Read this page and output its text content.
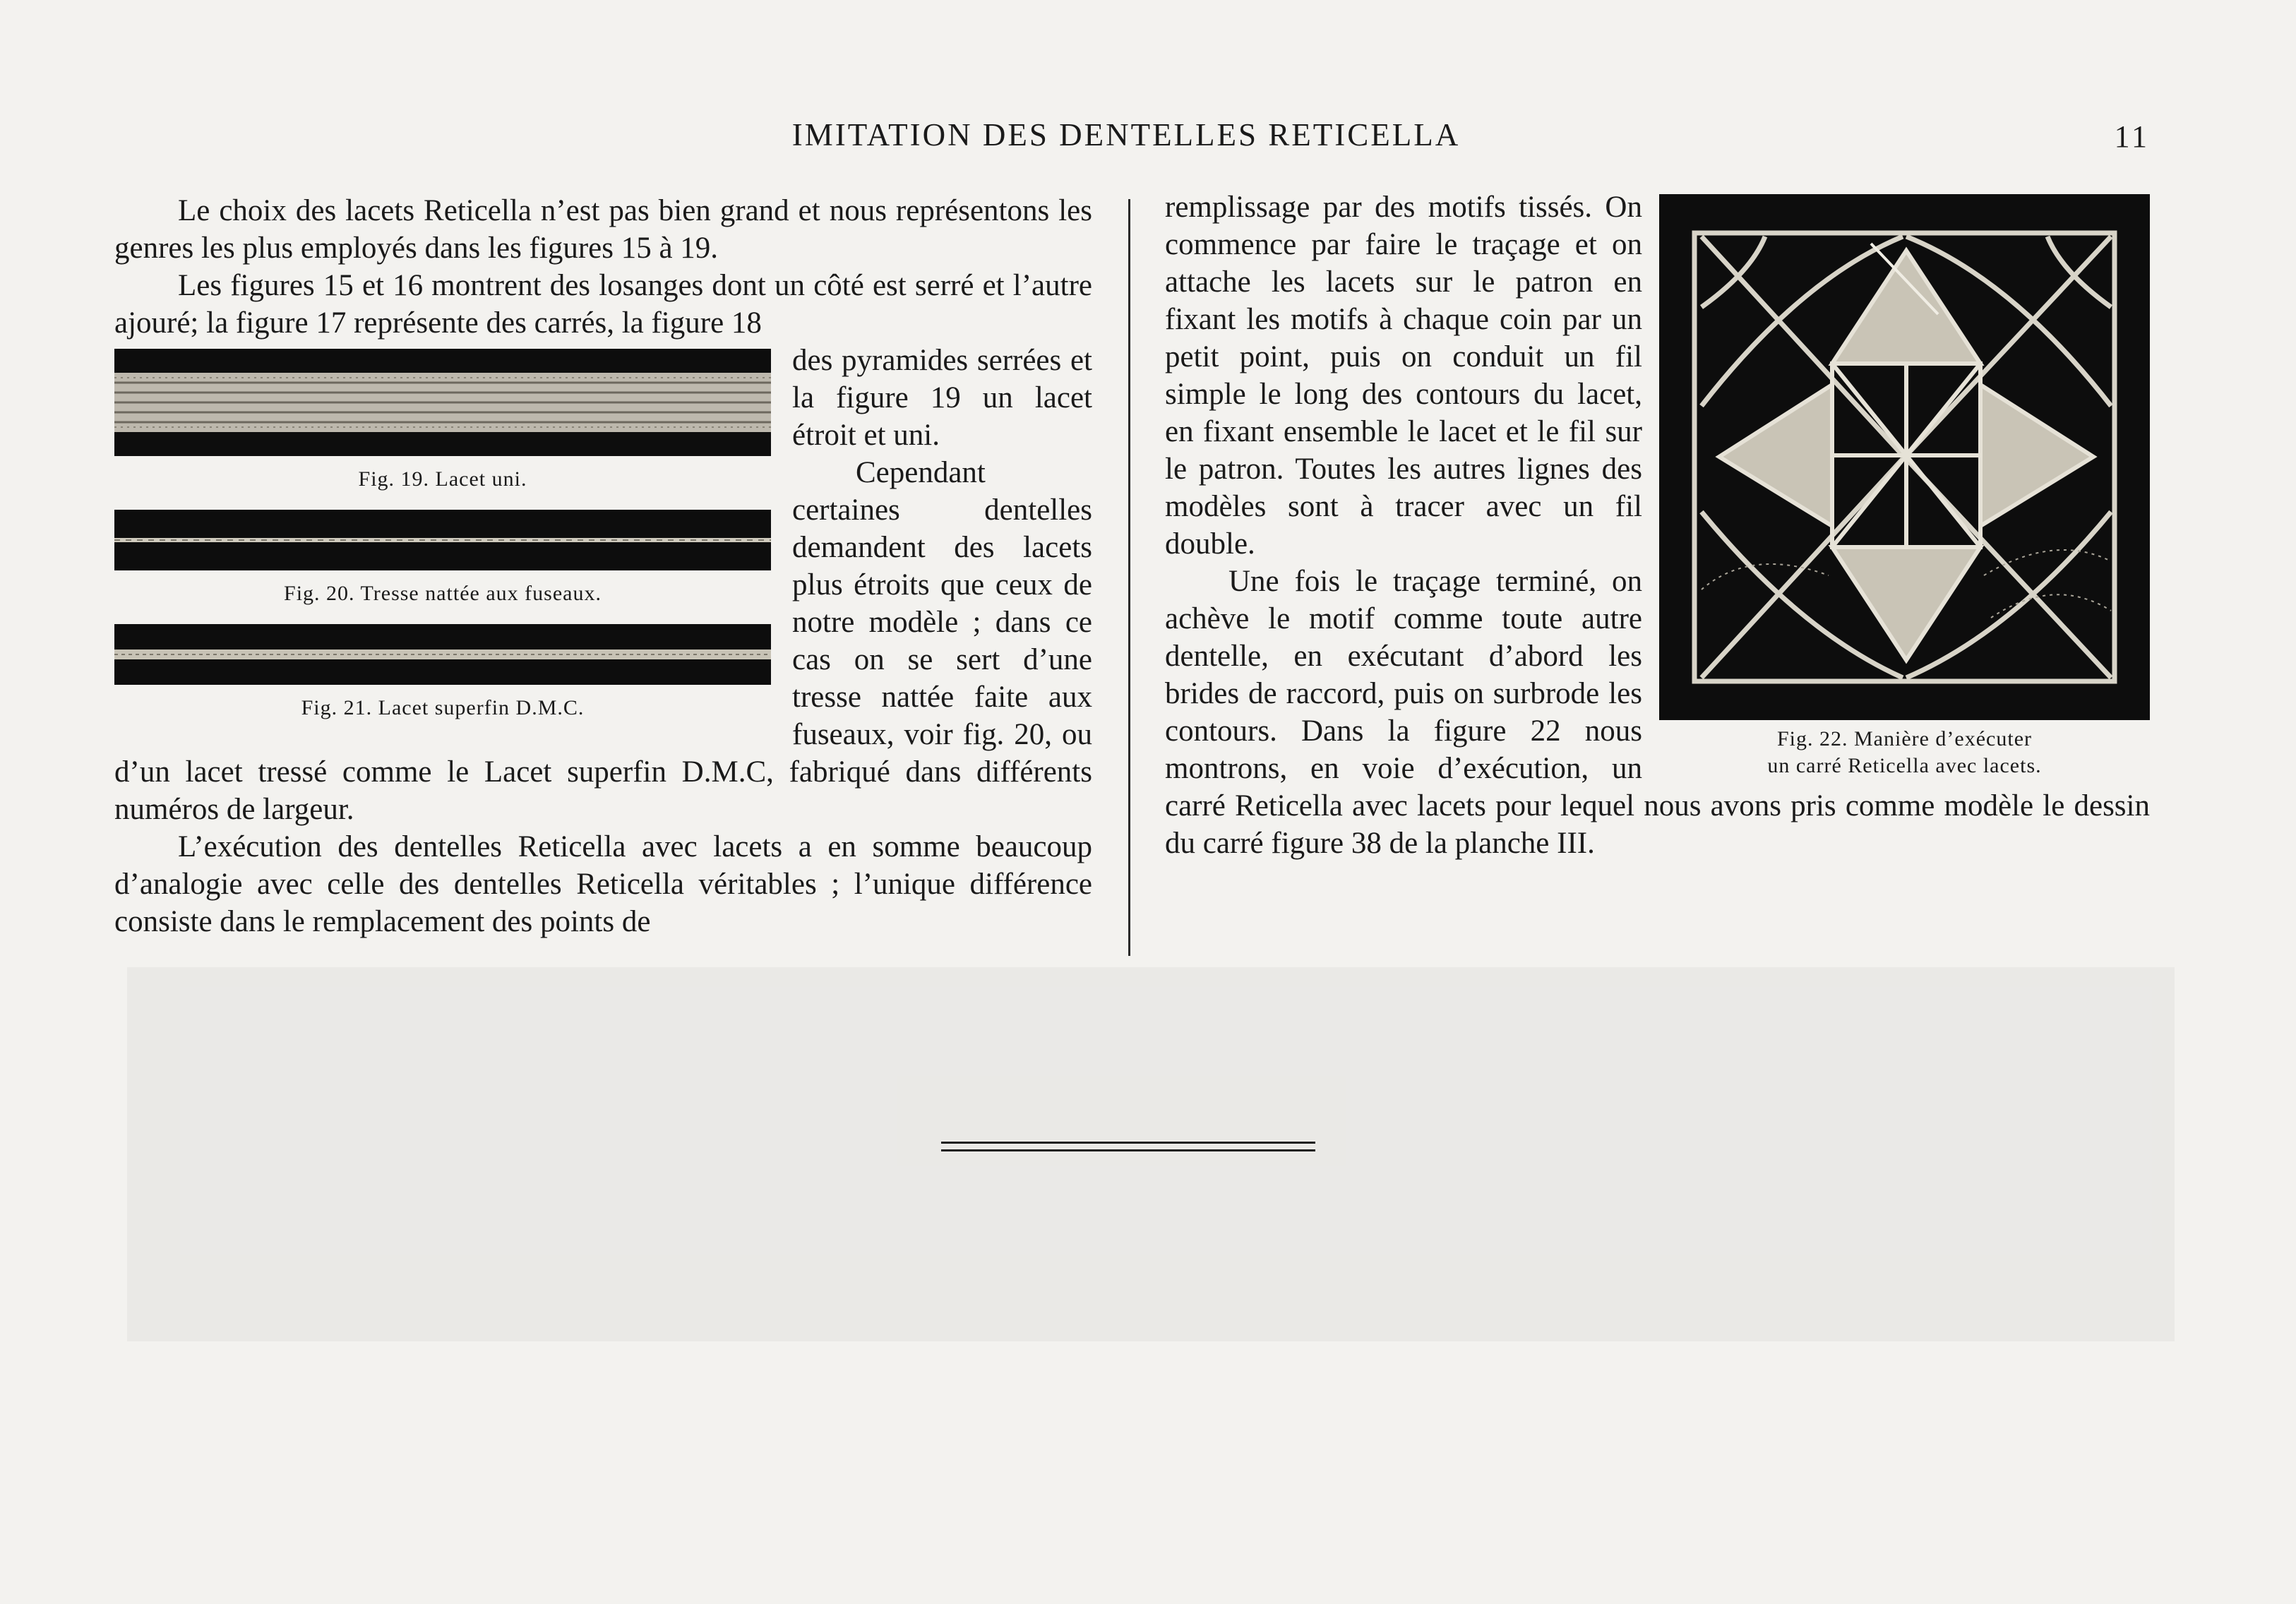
IMITATION DES DENTELLES RETICELLA	11

Le choix des lacets Reticella n’est pas bien grand et nous représentons les genres les plus employés dans les figures 15 à 19.

Les figures 15 et 16 montrent des losanges dont un côté est serré et l’autre ajouré; la figure 17 représente des carrés, la figure 18

Fig. 19. Lacet uni.
Fig. 20. Tresse nattée aux fuseaux.
Fig. 21. Lacet superfin D.M.C.

des pyramides serrées et la figure 19 un lacet étroit et uni.

Cependant certaines dentelles demandent des lacets plus étroits que ceux de notre modèle ; dans ce cas on se sert d’une tresse nattée faite aux fuseaux, voir fig. 20, ou d’un lacet tressé comme le Lacet superfin D.M.C, fabriqué dans différents numéros de largeur.

L’exécution des dentelles Reticella avec lacets a en somme beaucoup d’analogie avec celle des dentelles Reticella véritables ; l’unique différence consiste dans le remplacement des points de

Fig. 22. Manière d’exécuter
un carré Reticella avec lacets.

remplissage par des motifs tissés. On commence par faire le traçage et on attache les lacets sur le patron en fixant les motifs à chaque coin par un petit point, puis on conduit un fil simple le long des contours du lacet, en fixant ensemble le lacet et le fil sur le patron. Toutes les autres lignes des modèles sont à tracer avec un fil double.

Une fois le traçage terminé, on achève le motif comme toute autre dentelle, en exécutant d’abord les brides de raccord, puis on surbrode les contours. Dans la figure 22 nous montrons, en voie d’exécution, un carré Reticella avec lacets pour lequel nous avons pris comme modèle le dessin du carré figure 38 de la planche III.
